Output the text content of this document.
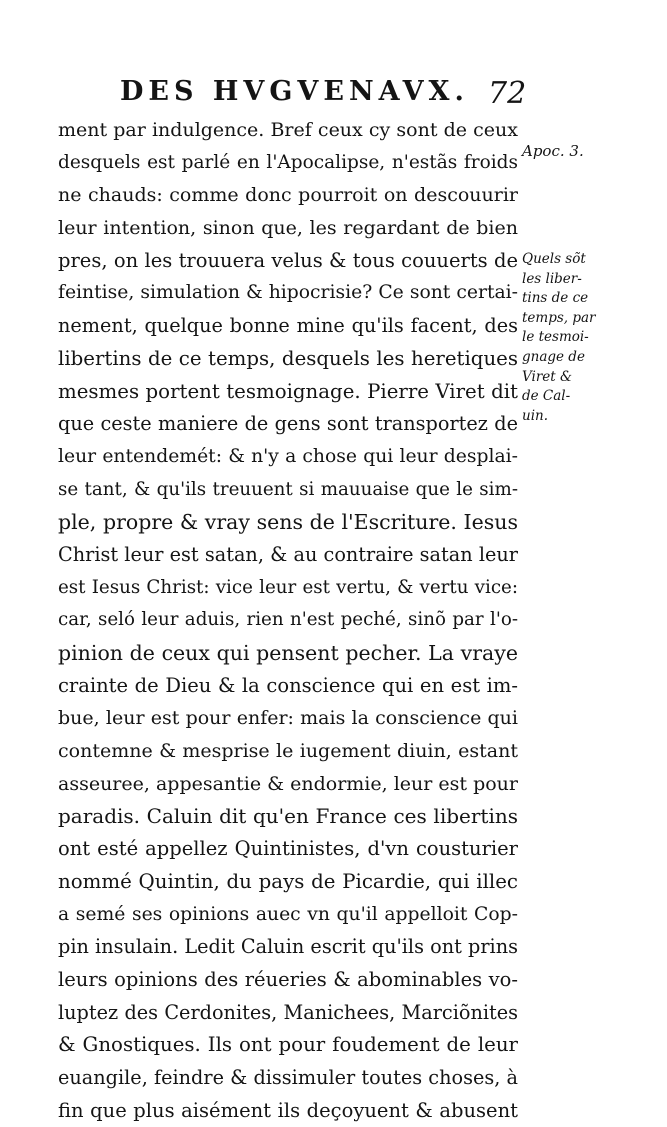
DES HVGVENAVX. 72
Apoc. 3.
Quels sõt
les liber-
tins de ce
temps, par
le tesmoi-
gnage de
Viret &
de Cal-
uin.
ment par indulgence. Bref ceux cy sont de ceux
desquels est parlé en l'Apocalipse, n'estãs froids
ne chauds: comme donc pourroit on descouurir
leur intention, sinon que, les regardant de bien
pres, on les trouuera velus & tous couuerts de
feintise, simulation & hipocrisie? Ce sont certai-
nement, quelque bonne mine qu'ils facent, des
libertins de ce temps, desquels les heretiques
mesmes portent tesmoignage. Pierre Viret dit
que ceste maniere de gens sont transportez de
leur entendemét: & n'y a chose qui leur desplai-
se tant, & qu'ils treuuent si mauuaise que le sim-
ple, propre & vray sens de l'Escriture. Iesus
Christ leur est satan, & au contraire satan leur
est Iesus Christ: vice leur est vertu, & vertu vice:
car, seló leur aduis, rien n'est peché, sinõ par l'o-
pinion de ceux qui pensent pecher. La vraye
crainte de Dieu & la conscience qui en est im-
bue, leur est pour enfer: mais la conscience qui
contemne & mesprise le iugement diuin, estant
asseuree, appesantie & endormie, leur est pour
paradis. Caluin dit qu'en France ces libertins
ont esté appellez Quintinistes, d'vn cousturier
nommé Quintin, du pays de Picardie, qui illec
a semé ses opinions auec vn qu'il appelloit Cop-
pin insulain. Ledit Caluin escrit qu'ils ont prins
leurs opinions des réueries & abominables vo-
luptez des Cerdonites, Manichees, Marciõnites
& Gnostiques. Ils ont pour foudement de leur
euangile, feindre & dissimuler toutes choses, à
fin que plus aisément ils deçoyuent & abusent
